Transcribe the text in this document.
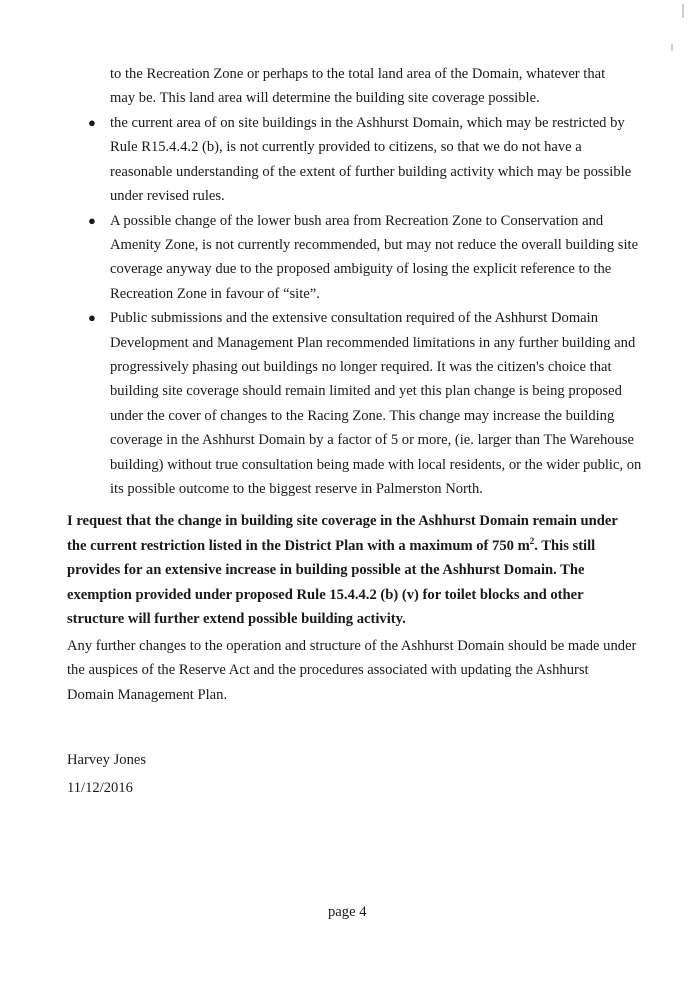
to the Recreation Zone or perhaps to the total land area of the Domain, whatever that may be. This land area will determine the building site coverage possible.
● the current area of on site buildings in the Ashhurst Domain, which may be restricted by Rule R15.4.4.2 (b), is not currently provided to citizens, so that we do not have a reasonable understanding of the extent of further building activity which may be possible under revised rules.
● A possible change of the lower bush area from Recreation Zone to Conservation and Amenity Zone, is not currently recommended, but may not reduce the overall building site coverage anyway due to the proposed ambiguity of losing the explicit reference to the Recreation Zone in favour of “site”.
● Public submissions and the extensive consultation required of the Ashhurst Domain Development and Management Plan recommended limitations in any further building and progressively phasing out buildings no longer required. It was the citizen's choice that building site coverage should remain limited and yet this plan change is being proposed under the cover of changes to the Racing Zone. This change may increase the building coverage in the Ashhurst Domain by a factor of 5 or more, (ie. larger than The Warehouse building) without true consultation being made with local residents, or the wider public, on its possible outcome to the biggest reserve in Palmerston North.
I request that the change in building site coverage in the Ashhurst Domain remain under the current restriction listed in the District Plan with a maximum of 750 $m^2$. This still provides for an extensive increase in building possible at the Ashhurst Domain. The exemption provided under proposed Rule 15.4.4.2 (b) (v) for toilet blocks and other structure will further extend possible building activity.
Any further changes to the operation and structure of the Ashhurst Domain should be made under the auspices of the Reserve Act and the procedures associated with updating the Ashhurst Domain Management Plan.
Harvey Jones
11/12/2016
page 4
